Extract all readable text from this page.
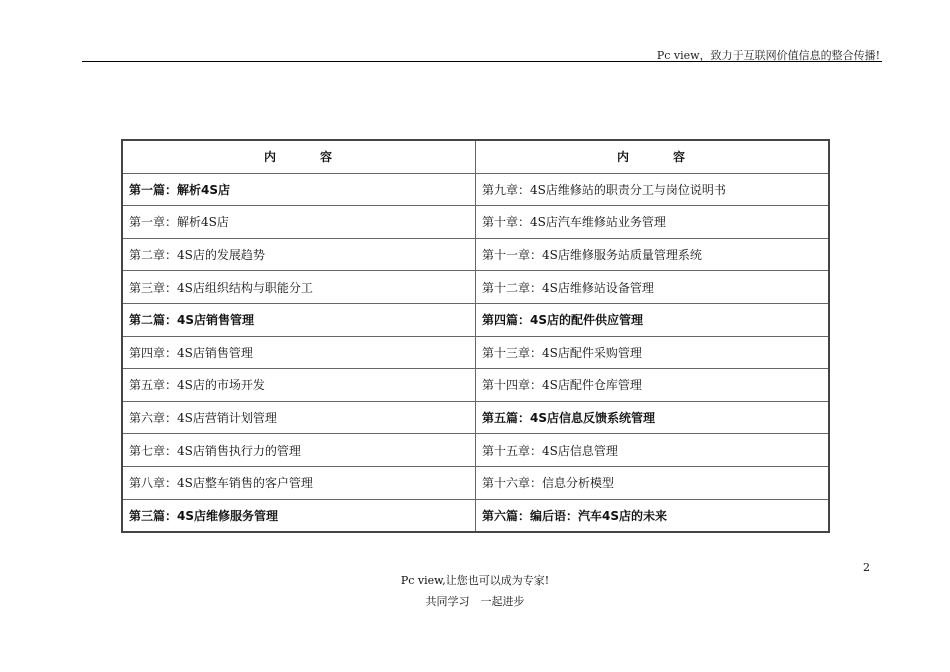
Pc view，致力于互联网价值信息的整合传播!
内　　　容	内　　　容
第一篇：解析4S店	第九章：4S店维修站的职责分工与岗位说明书
第一章：解析4S店	第十章：4S店汽车维修站业务管理
第二章：4S店的发展趋势	第十一章：4S店维修服务站质量管理系统
第三章：4S店组织结构与职能分工	第十二章：4S店维修站设备管理
第二篇：4S店销售管理	第四篇：4S店的配件供应管理
第四章：4S店销售管理	第十三章：4S店配件采购管理
第五章：4S店的市场开发	第十四章：4S店配件仓库管理
第六章：4S店营销计划管理	第五篇：4S店信息反馈系统管理
第七章：4S店销售执行力的管理	第十五章：4S店信息管理
第八章：4S店整车销售的客户管理	第十六章：信息分析模型
第三篇：4S店维修服务管理	第六篇：编后语：汽车4S店的未来
2
Pc view,让您也可以成为专家!
共同学习　一起进步
